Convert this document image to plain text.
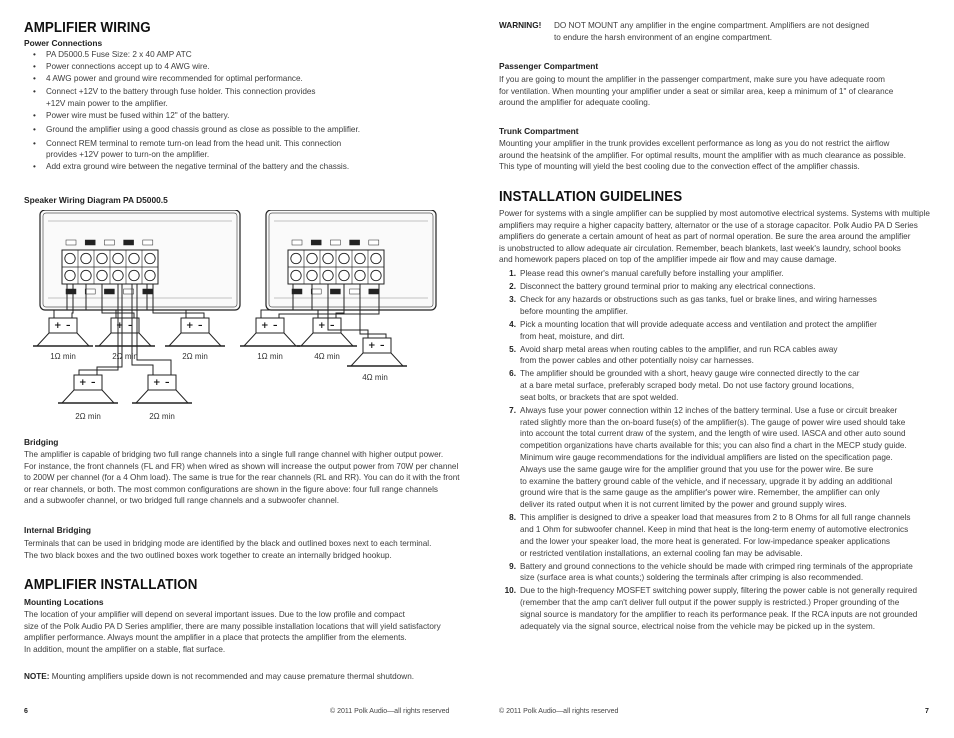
AMPLIFIER WIRING
Power Connections
• PA D5000.5 Fuse Size: 2 x 40 AMP ATC
• Power connections accept up to 4 AWG wire.
• 4 AWG power and ground wire recommended for optimal performance.
• Connect +12V to the battery through fuse holder. This connection provides
+12V main power to the amplifier.
• Power wire must be fused within 12" of the battery.
• Ground the amplifier using a good chassis ground as close as possible to the amplifier.
• Connect REM terminal to remote turn-on lead from the head unit. This connection
provides +12V power to turn-on the amplifier.
• Add extra ground wire between the negative terminal of the battery and the chassis.
Speaker Wiring Diagram PA D5000.5
+ –	+ –	+ –
+ –	+ –
1Ω min	2Ω min	2Ω min
2Ω min	2Ω min
+ –	+ –
+ –
1Ω min	4Ω min
4Ω min
Bridging
The amplifier is capable of bridging two full range channels into a single full range channel with higher output power.
For instance, the front channels (FL and FR) when wired as shown will increase the output power from 70W per channel
to 200W per channel (for a 4 Ohm load). The same is true for the rear channels (RL and RR). You can do it with the front
or rear channels, or both. The most common configurations are shown in the figure above: four full range channels
and a subwoofer channel, or two bridged full range channels and a subwoofer channel.
Internal Bridging
Terminals that can be used in bridging mode are identified by the black and outlined boxes next to each terminal.
The two black boxes and the two outlined boxes work together to create an internally bridged hookup.
AMPLIFIER INSTALLATION
Mounting Locations
The location of your amplifier will depend on several important issues. Due to the low profile and compact
size of the Polk Audio PA D Series amplifier, there are many possible installation locations that will yield satisfactory
amplifier performance. Always mount the amplifier in a place that protects the amplifier from the elements.
In addition, mount the amplifier on a stable, flat surface.
NOTE: Mounting amplifiers upside down is not recommended and may cause premature thermal shutdown.
6	© 2011 Polk Audio—all rights reserved
WARNING! DO NOT MOUNT any amplifier in the engine compartment. Amplifiers are not designed
to endure the harsh environment of an engine compartment.
Passenger Compartment
If you are going to mount the amplifier in the passenger compartment, make sure you have adequate room
for ventilation. When mounting your amplifier under a seat or similar area, keep a minimum of 1" of clearance
around the amplifier for adequate cooling.
Trunk Compartment
Mounting your amplifier in the trunk provides excellent performance as long as you do not restrict the airflow
around the heatsink of the amplifier. For optimal results, mount the amplifier with as much clearance as possible.
This type of mounting will yield the best cooling due to the convection effect of the amplifier chassis.
INSTALLATION GUIDELINES
Power for systems with a single amplifier can be supplied by most automotive electrical systems. Systems with multiple
amplifiers may require a higher capacity battery, alternator or the use of a storage capacitor. Polk Audio PA D Series
amplifiers do generate a certain amount of heat as part of normal operation. Be sure the area around the amplifier
is unobstructed to allow adequate air circulation. Remember, beach blankets, last week's laundry, school books
and homework papers placed on top of the amplifier impede air flow and may cause damage.
1. Please read this owner's manual carefully before installing your amplifier.
2. Disconnect the battery ground terminal prior to making any electrical connections.
3. Check for any hazards or obstructions such as gas tanks, fuel or brake lines, and wiring harnesses
before mounting the amplifier.
4. Pick a mounting location that will provide adequate access and ventilation and protect the amplifier
from heat, moisture, and dirt.
5. Avoid sharp metal areas when routing cables to the amplifier, and run RCA cables away
from the power cables and other potentially noisy car harnesses.
6. The amplifier should be grounded with a short, heavy gauge wire connected directly to the car
at a bare metal surface, preferably scraped body metal. Do not use factory ground locations,
seat bolts, or brackets that are spot welded.
7. Always fuse your power connection within 12 inches of the battery terminal. Use a fuse or circuit breaker
rated slightly more than the on-board fuse(s) of the amplifier(s). The gauge of power wire used should take
into account the total current draw of the system, and the length of wire used. IASCA and other auto sound
competition organizations have charts available for this; you can also find a chart in the MECP study guide.
Minimum wire gauge recommendations for the individual amplifiers are listed on the specification page.
Always use the same gauge wire for the amplifier ground that you use for the power wire. Be sure
to examine the battery ground cable of the vehicle, and if necessary, upgrade it by adding an additional
ground wire that is the same gauge as the amplifier's power wire. Remember, the amplifier can only
deliver its rated output when it is not current limited by the power and ground supply wires.
8. This amplifier is designed to drive a speaker load that measures from 2 to 8 Ohms for all full range channels
and 1 Ohm for subwoofer channel. Keep in mind that heat is the long-term enemy of automotive electronics
and the lower your speaker load, the more heat is generated. For low-impedance speaker applications
or restricted ventilation installations, an external cooling fan may be advisable.
9. Battery and ground connections to the vehicle should be made with crimped ring terminals of the appropriate
size (surface area is what counts;) soldering the terminals after crimping is also recommended.
10. Due to the high-frequency MOSFET switching power supply, filtering the power cable is not generally required
(remember that the amp can't deliver full output if the power supply is restricted.) Proper grounding of the
signal source is mandatory for the amplifier to reach its performance peak. If the RCA inputs are not grounded
adequately via the signal source, electrical noise from the vehicle may be picked up in the system.
© 2011 Polk Audio—all rights reserved	7
